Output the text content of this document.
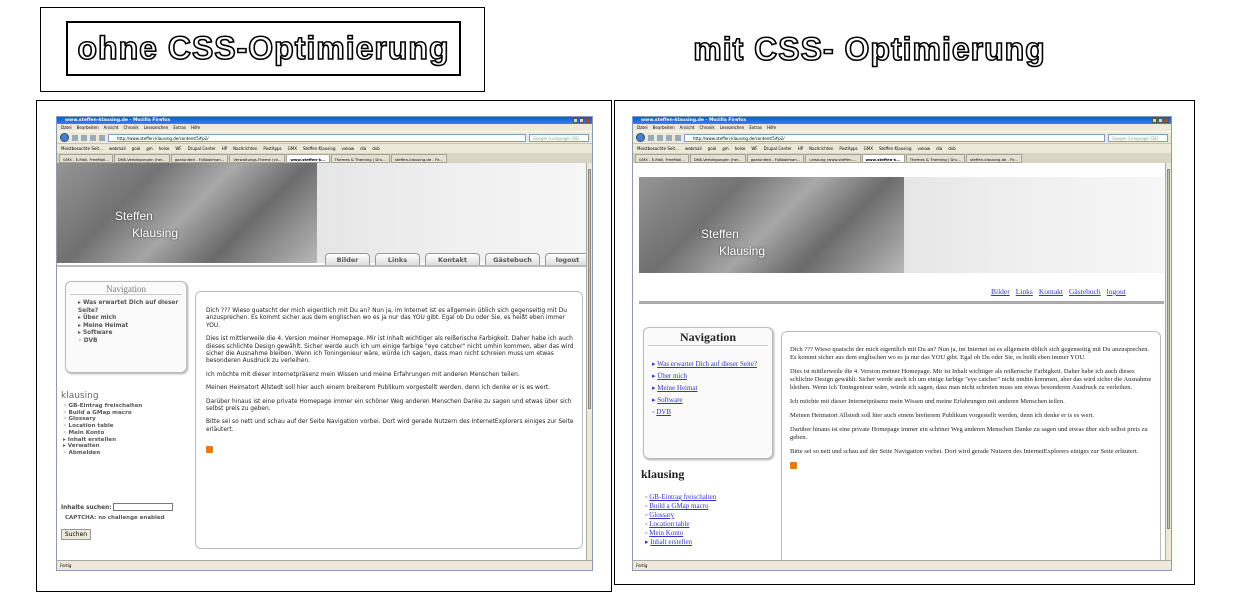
ohne CSS-Optimierung	mit CSS- Optimierung
www.steffen-klausing.de - Mozilla Firefox
Datei Bearbeiten Ansicht Chronik Lesezeichen Extras Hilfe
http://www.steffen-klausing.de/content/5#p2/	Google (Language: DE)
Meistbesuchte Seit... webmail goal gm heise WF Drupal Center HP Nachrichten PostApps GMX Steffen Klausing vvkow dia dvb
GMX - E-Mail, FreeMail...	DNS-Verbiegungen (hei...	goalunited - Fußballman...	Verwaltungs-Theme (vv...	www.steffen-k...	Themes & Theming | Dru...	steffen-klausing.de - Fir...
Steffen
Klausing
Bilder	Links	Kontakt	Gästebuch	logout
Navigation
▸ Was erwartet Dich auf dieser Seite?
▸ Über mich
▸ Meine Heimat
▸ Software
◦ DVB
klausing
◦ GB-Eintrag freischalten
◦ Build a GMap macro
◦ Glossary
◦ Location table
◦ Mein Konto
▸ Inhalt erstellen
▸ Verwalten
◦ Abmelden
Inhalte suchen:
CAPTCHA: no challenge enabled
Suchen

Dich ??? Wieso quatscht der mich eigentlich mit Du an? Nun ja, im Internet ist es allgemein üblich sich gegenseitig mit Du anzusprechen. Es kommt sicher aus dem englischen wo es ja nur das YOU gibt. Egal ob Du oder Sie, es heißt eben immer YOU.

Dies ist mittlerweile die 4. Version meiner Homepage. Mir ist Inhalt wichtiger als reißerische Farbigkeit. Daher habe ich auch dieses schlichte Design gewählt. Sicher werde auch ich um einige farbige "eye catcher" nicht umhin kommen, aber das wird sicher die Ausnahme bleiben. Wenn ich Toningenieur wäre, würde ich sagen, dass man nicht schreien muss um etwas besonderen Ausdruck zu verleihen.

Ich möchte mit dieser Internetpräsenz mein Wissen und meine Erfahrungen mit anderen Menschen teilen.

Meinen Heimatort Allstedt soll hier auch einem breiterem Publikum vorgestellt werden, denn ich denke er is es wert.

Darüber hinaus ist eine private Homepage immer ein schöner Weg anderen Menschen Danke zu sagen und etwas über sich selbst preis zu geben.

Bitte sei so nett und schau auf der Seite Navigation vorbei. Dort wird gerade Nutzern des InternetExplorers einiges zur Seite erläutert.

Fertig
www.steffen-klausing.de - Mozilla Firefox
Datei Bearbeiten Ansicht Chronik Lesezeichen Extras Hilfe
http://www.steffen-klausing.de/content/5#p2/	Google (Language: DE)
Meistbesuchte Seit... webmail goal gm heise WF Drupal Center HP Nachrichten PostApps GMX Steffen Klausing vvkow dia dvb
GMX - E-Mail, FreeMail...	DNS-Verbiegungen (hei...	goalunited - Fußballman...	Leistung (www.steffen-...	www.steffen-k...	Themes & Theming | Dru...	steffen-klausing.de - Fir...
Steffen
Klausing
Bilder Links Kontakt Gästebuch logout
Navigation
▸ Was erwartet Dich auf dieser Seite?
▸ Über mich
▸ Meine Heimat
▸ Software
◦ DVB
klausing
◦ GB-Eintrag freischalten
◦ Build a GMap macro
◦ Glossary
◦ Location table
◦ Mein Konto
▸ Inhalt erstellen

Dich ??? Wieso quatscht der mich eigentlich mit Du an? Nun ja, im Internet ist es allgemein üblich sich gegenseitig mit Du anzusprechen. Es kommt sicher aus dem englischen wo es ja nur das YOU gibt. Egal ob Du oder Sie, es heißt eben immer YOU.

Dies ist mittlerweile die 4. Version meiner Homepage. Mir ist Inhalt wichtiger als reißerische Farbigkeit. Daher habe ich auch dieses schlichte Design gewählt. Sicher werde auch ich um einige farbige "eye catcher" nicht umhin kommen, aber das wird sicher die Ausnahme bleiben. Wenn ich Toningenieur wäre, würde ich sagen, dass man nicht schreien muss um etwas besonderen Ausdruck zu verleihen.

Ich möchte mit dieser Internetpräsenz mein Wissen und meine Erfahrungen mit anderen Menschen teilen.

Meinen Heimatort Allstedt soll hier auch einem breiterem Publikum vorgestellt werden, denn ich denke er is es wert.

Darüber hinaus ist eine private Homepage immer ein schöner Weg anderen Menschen Danke zu sagen und etwas über sich selbst preis zu geben.

Bitte sei so nett und schau auf der Seite Navigation vorbei. Dort wird gerade Nutzern des InternetExplorers einiges zur Seite erläutert.

Fertig
